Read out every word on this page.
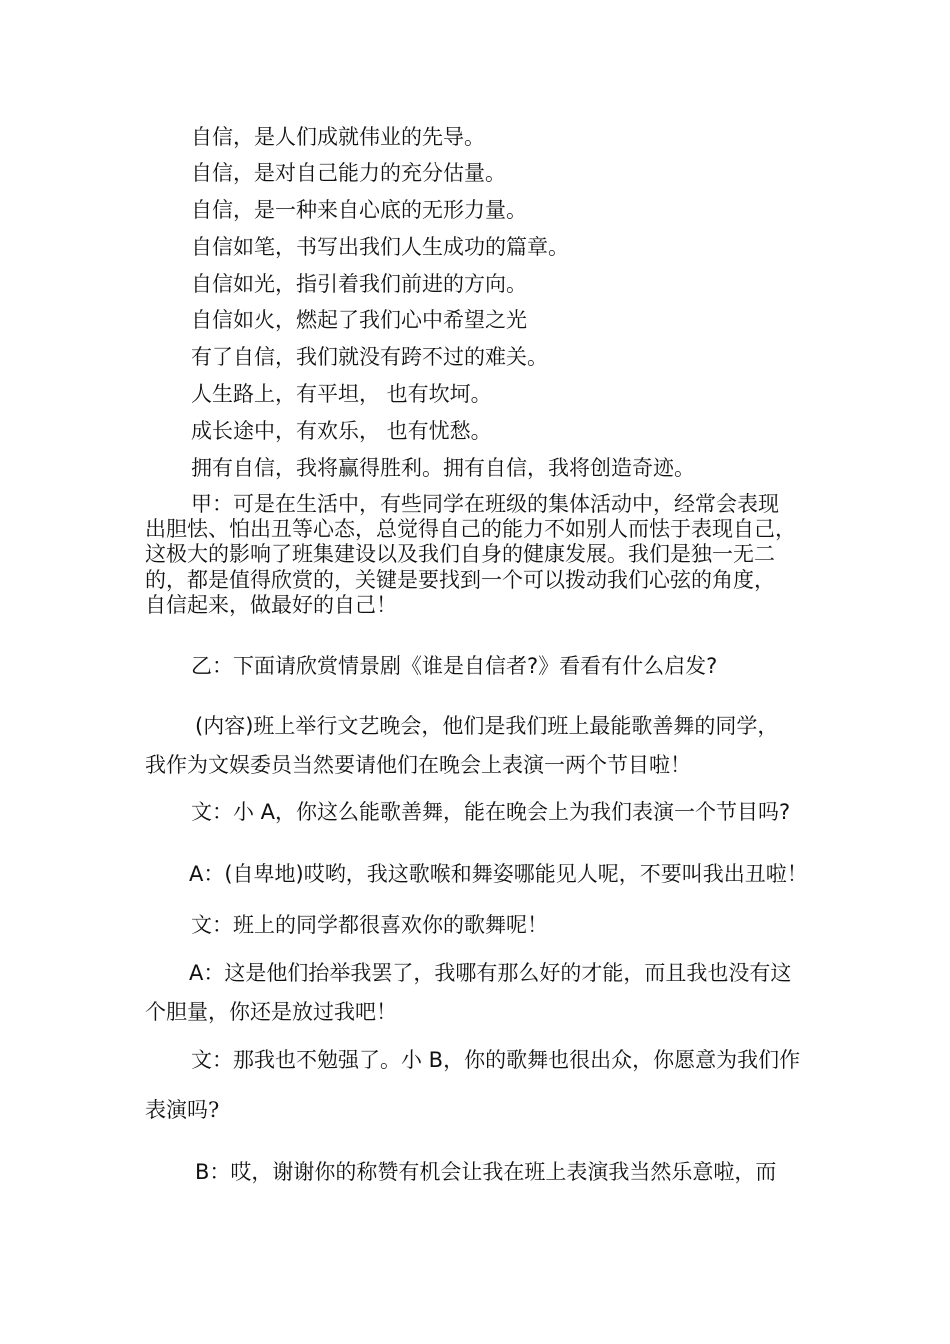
自信，是人们成就伟业的先导。
自信，是对自己能力的充分估量。
自信，是一种来自心底的无形力量。
自信如笔，书写出我们人生成功的篇章。
自信如光，指引着我们前进的方向。
自信如火，燃起了我们心中希望之光
有了自信，我们就没有跨不过的难关。
人生路上，有平坦， 也有坎坷。
成长途中，有欢乐， 也有忧愁。
拥有自信，我将赢得胜利。拥有自信，我将创造奇迹。
甲：可是在生活中，有些同学在班级的集体活动中，经常会表现
出胆怯、怕出丑等心态，总觉得自己的能力不如别人而怯于表现自己，
这极大的影响了班集建设以及我们自身的健康发展。我们是独一无二
的，都是值得欣赏的，关键是要找到一个可以拨动我们心弦的角度，
自信起来，做最好的自己！
乙：下面请欣赏情景剧《谁是自信者?》看看有什么启发?
(内容)班上举行文艺晚会，他们是我们班上最能歌善舞的同学，
我作为文娱委员当然要请他们在晚会上表演一两个节目啦！
文：小 A，你这么能歌善舞，能在晚会上为我们表演一个节目吗?
A：(自卑地)哎哟，我这歌喉和舞姿哪能见人呢，不要叫我出丑啦！
文：班上的同学都很喜欢你的歌舞呢！
A：这是他们抬举我罢了，我哪有那么好的才能，而且我也没有这
个胆量，你还是放过我吧！
文：那我也不勉强了。小 B，你的歌舞也很出众，你愿意为我们作
表演吗?
B：哎，谢谢你的称赞有机会让我在班上表演我当然乐意啦，而
